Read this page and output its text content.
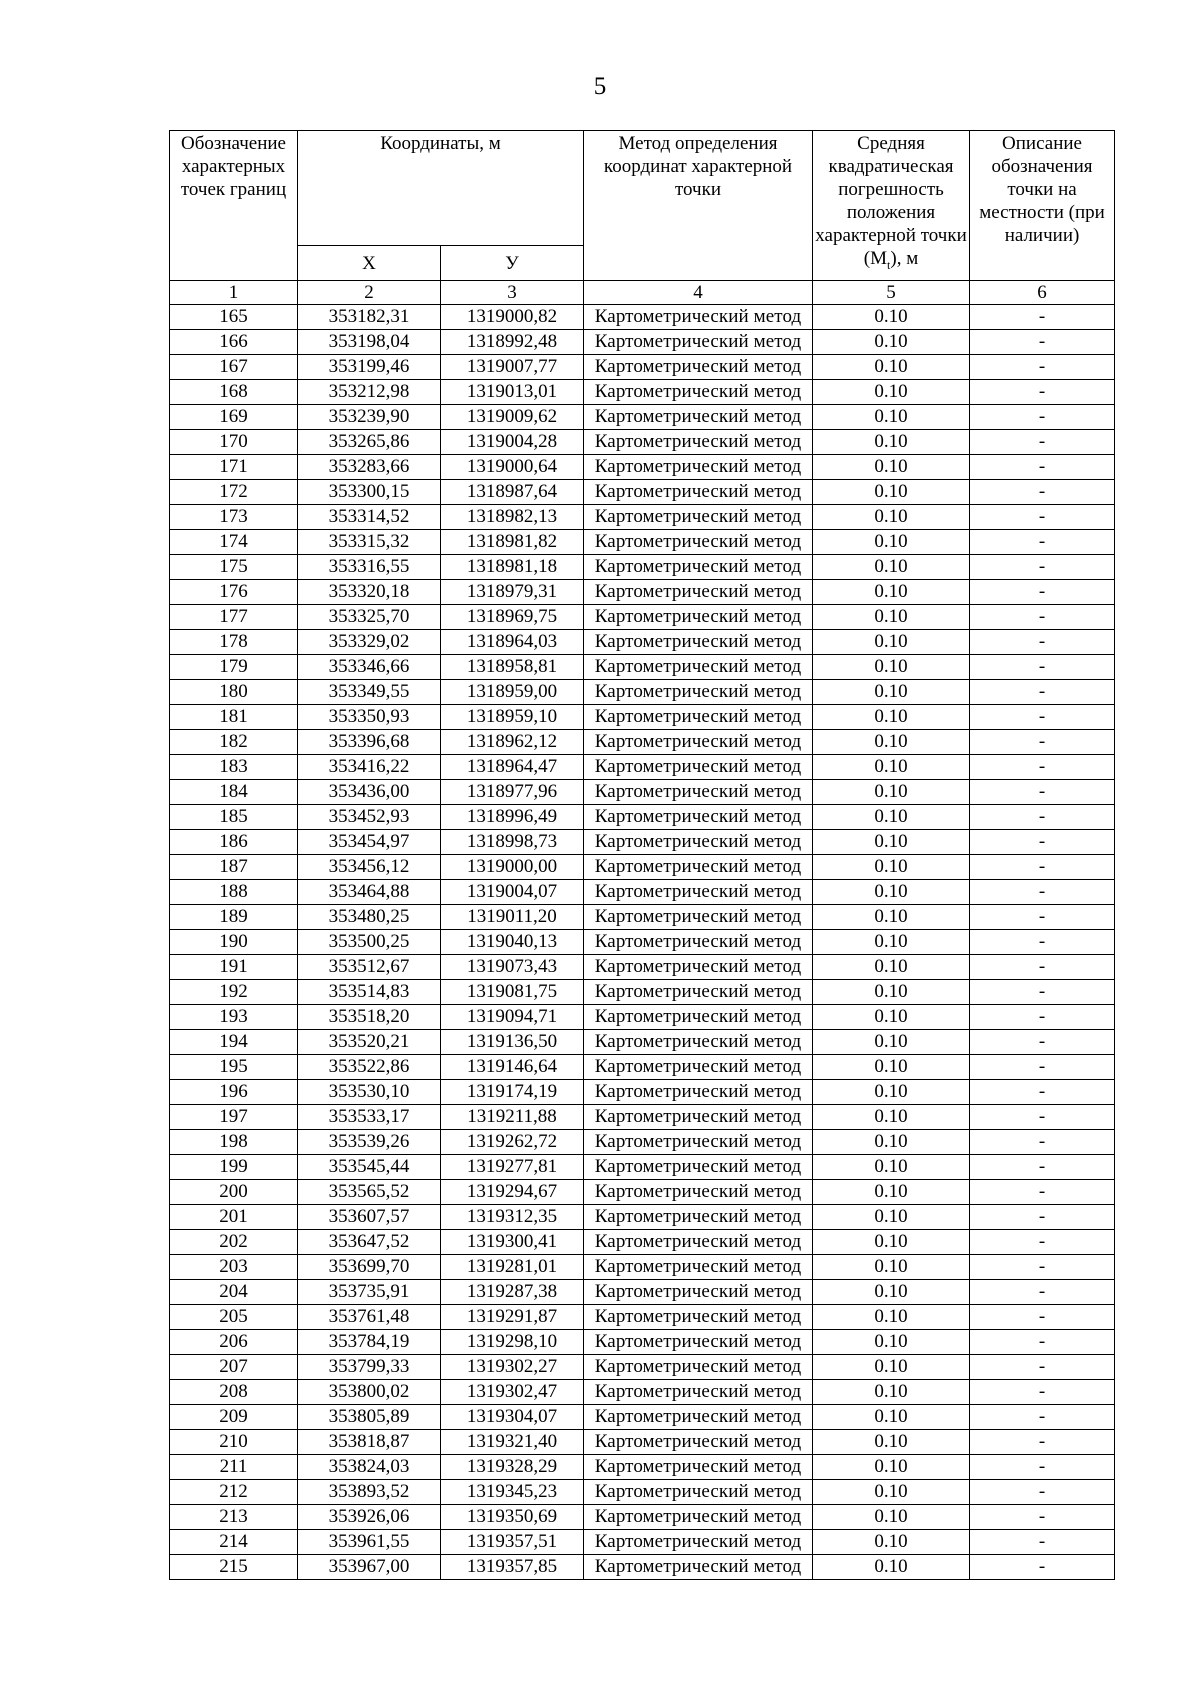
5
Обозначение характерных точек границ	Координаты, м		Метод определения координат характерной точки	Средняя квадратическая погрешность положения характерной точки $(М_t)$, м	Описание обозначения точки на местности (при наличии)
	Х	У			
1	2	3	4	5	6
165	353182,31	1319000,82	Картометрический метод	0.10	-
166	353198,04	1318992,48	Картометрический метод	0.10	-
167	353199,46	1319007,77	Картометрический метод	0.10	-
168	353212,98	1319013,01	Картометрический метод	0.10	-
169	353239,90	1319009,62	Картометрический метод	0.10	-
170	353265,86	1319004,28	Картометрический метод	0.10	-
171	353283,66	1319000,64	Картометрический метод	0.10	-
172	353300,15	1318987,64	Картометрический метод	0.10	-
173	353314,52	1318982,13	Картометрический метод	0.10	-
174	353315,32	1318981,82	Картометрический метод	0.10	-
175	353316,55	1318981,18	Картометрический метод	0.10	-
176	353320,18	1318979,31	Картометрический метод	0.10	-
177	353325,70	1318969,75	Картометрический метод	0.10	-
178	353329,02	1318964,03	Картометрический метод	0.10	-
179	353346,66	1318958,81	Картометрический метод	0.10	-
180	353349,55	1318959,00	Картометрический метод	0.10	-
181	353350,93	1318959,10	Картометрический метод	0.10	-
182	353396,68	1318962,12	Картометрический метод	0.10	-
183	353416,22	1318964,47	Картометрический метод	0.10	-
184	353436,00	1318977,96	Картометрический метод	0.10	-
185	353452,93	1318996,49	Картометрический метод	0.10	-
186	353454,97	1318998,73	Картометрический метод	0.10	-
187	353456,12	1319000,00	Картометрический метод	0.10	-
188	353464,88	1319004,07	Картометрический метод	0.10	-
189	353480,25	1319011,20	Картометрический метод	0.10	-
190	353500,25	1319040,13	Картометрический метод	0.10	-
191	353512,67	1319073,43	Картометрический метод	0.10	-
192	353514,83	1319081,75	Картометрический метод	0.10	-
193	353518,20	1319094,71	Картометрический метод	0.10	-
194	353520,21	1319136,50	Картометрический метод	0.10	-
195	353522,86	1319146,64	Картометрический метод	0.10	-
196	353530,10	1319174,19	Картометрический метод	0.10	-
197	353533,17	1319211,88	Картометрический метод	0.10	-
198	353539,26	1319262,72	Картометрический метод	0.10	-
199	353545,44	1319277,81	Картометрический метод	0.10	-
200	353565,52	1319294,67	Картометрический метод	0.10	-
201	353607,57	1319312,35	Картометрический метод	0.10	-
202	353647,52	1319300,41	Картометрический метод	0.10	-
203	353699,70	1319281,01	Картометрический метод	0.10	-
204	353735,91	1319287,38	Картометрический метод	0.10	-
205	353761,48	1319291,87	Картометрический метод	0.10	-
206	353784,19	1319298,10	Картометрический метод	0.10	-
207	353799,33	1319302,27	Картометрический метод	0.10	-
208	353800,02	1319302,47	Картометрический метод	0.10	-
209	353805,89	1319304,07	Картометрический метод	0.10	-
210	353818,87	1319321,40	Картометрический метод	0.10	-
211	353824,03	1319328,29	Картометрический метод	0.10	-
212	353893,52	1319345,23	Картометрический метод	0.10	-
213	353926,06	1319350,69	Картометрический метод	0.10	-
214	353961,55	1319357,51	Картометрический метод	0.10	-
215	353967,00	1319357,85	Картометрический метод	0.10	-
